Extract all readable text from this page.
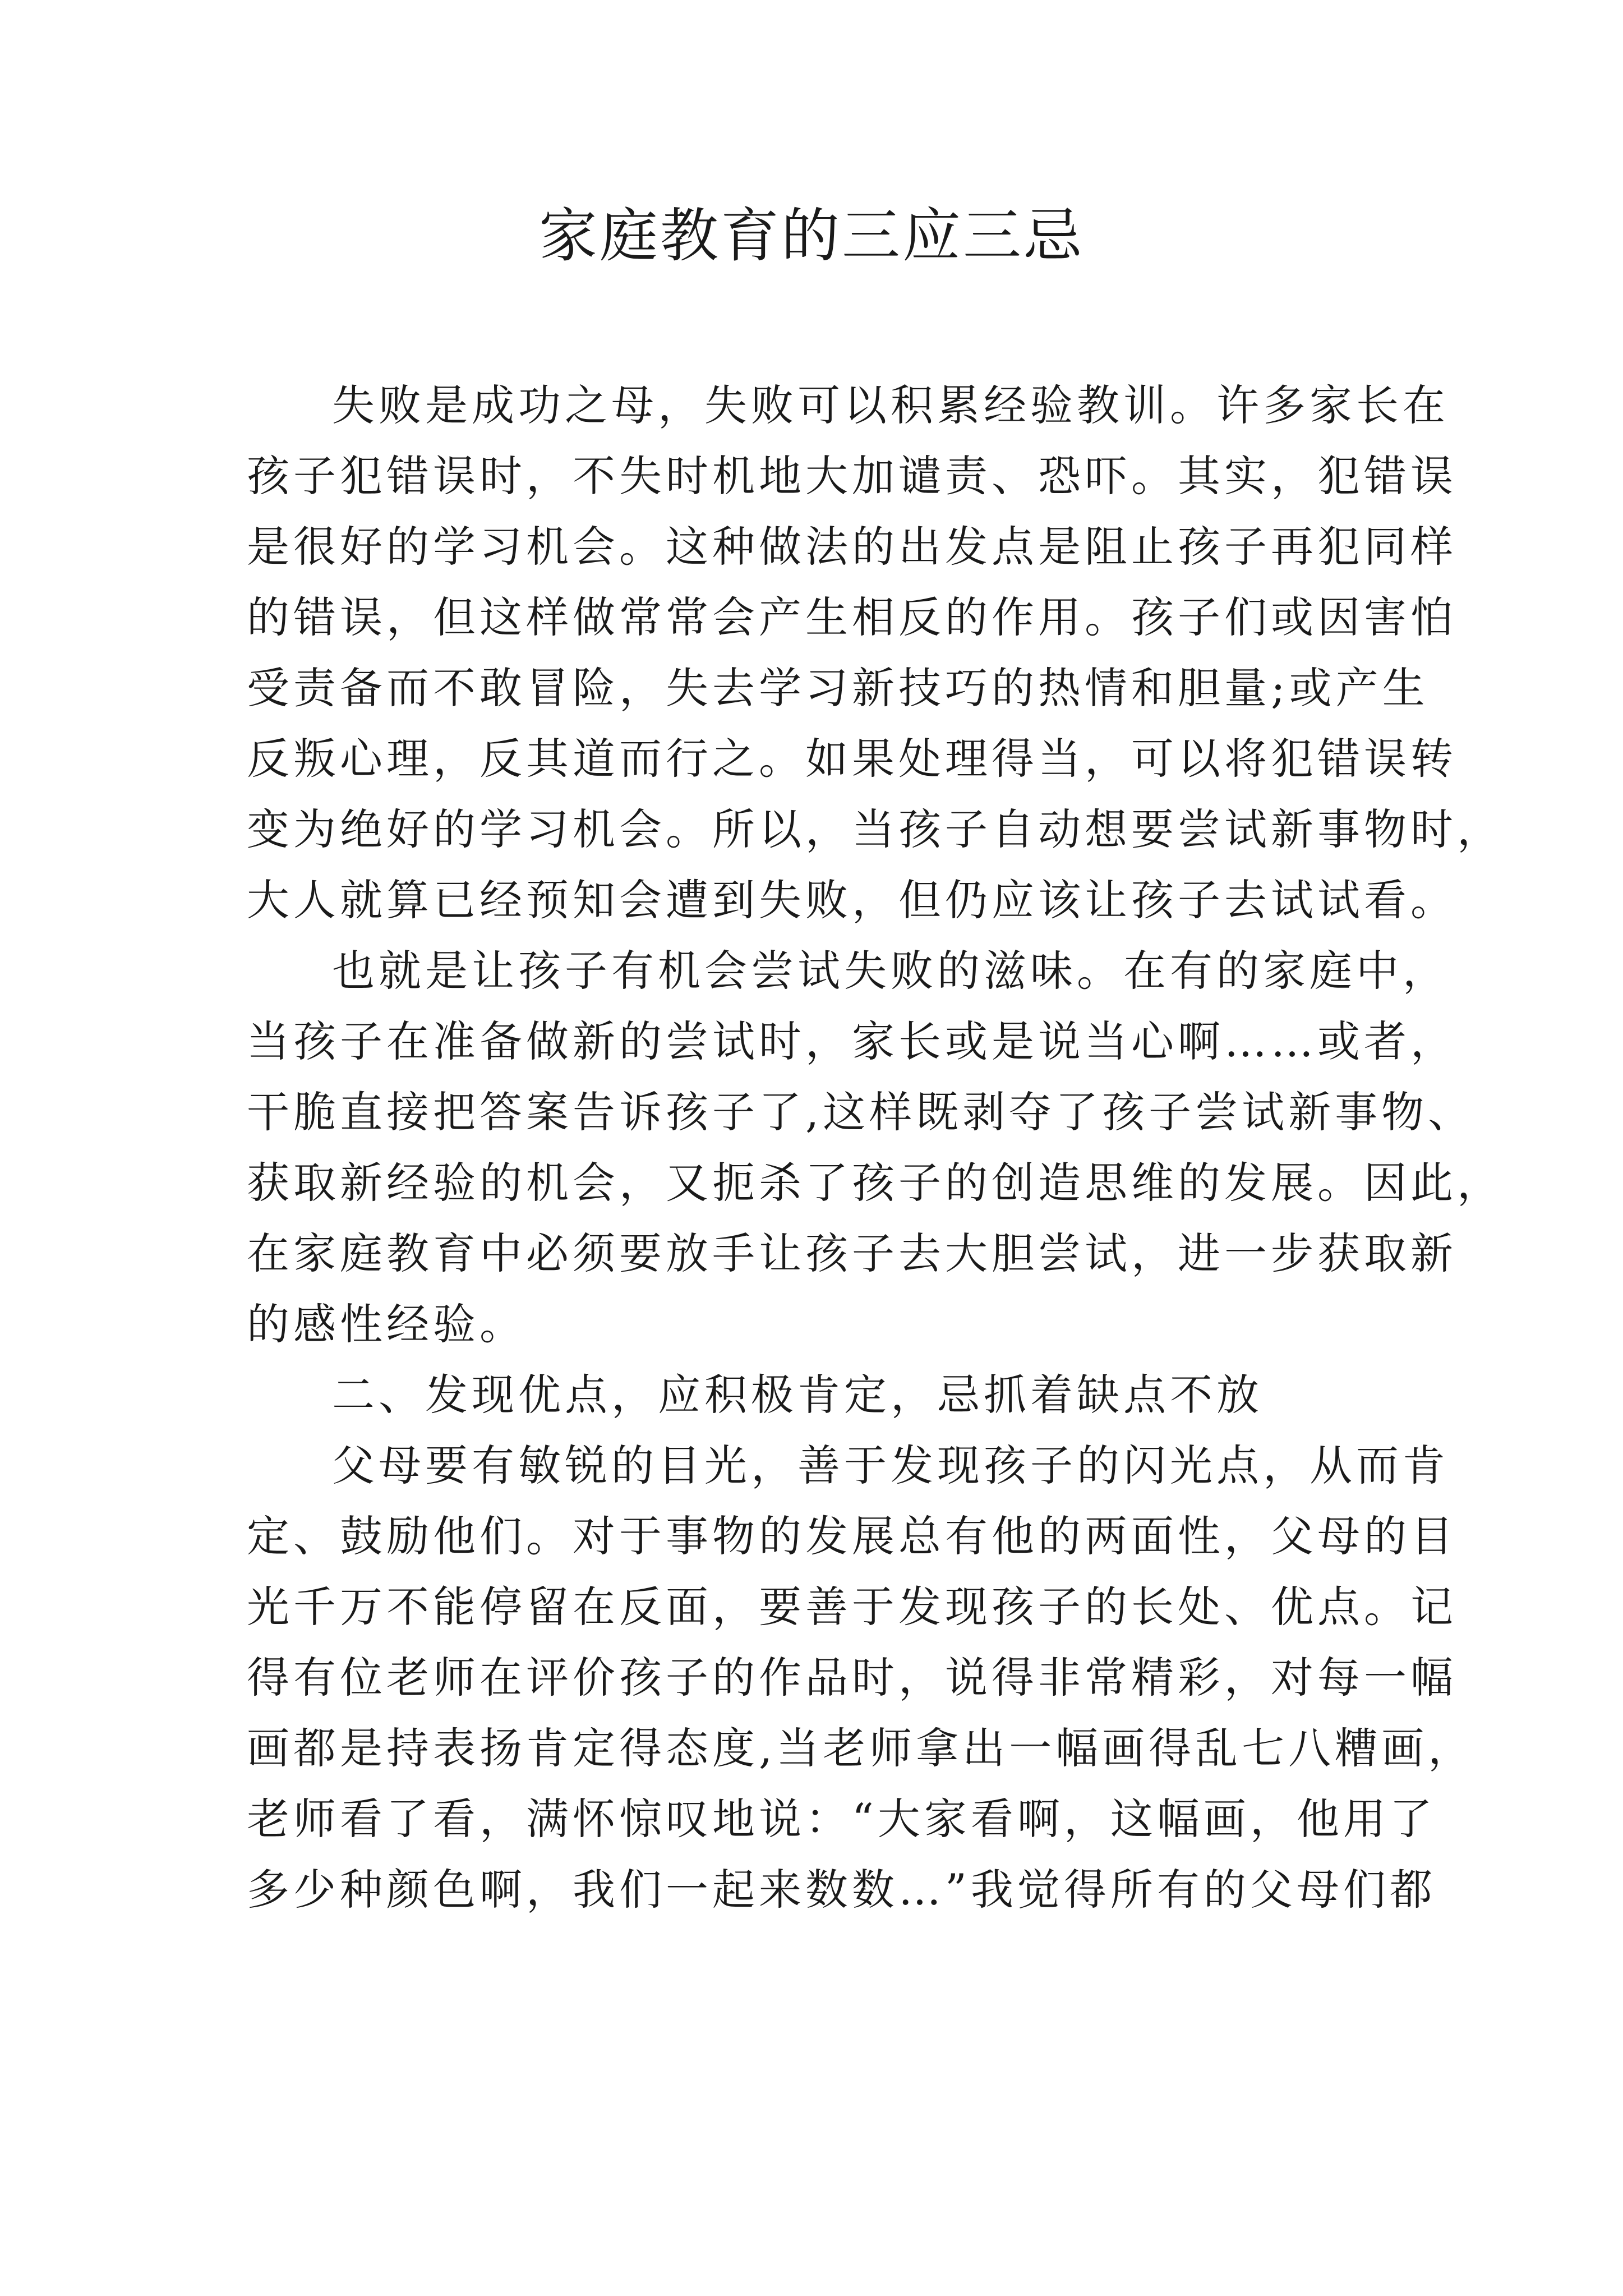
家庭教育的三应三忌

失败是成功之母，失败可以积累经验教训。许多家长在
孩子犯错误时，不失时机地大加谴责、恐吓。其实，犯错误
是很好的学习机会。这种做法的出发点是阻止孩子再犯同样
的错误，但这样做常常会产生相反的作用。孩子们或因害怕
受责备而不敢冒险，失去学习新技巧的热情和胆量;或产生
反叛心理，反其道而行之。如果处理得当，可以将犯错误转
变为绝好的学习机会。所以，当孩子自动想要尝试新事物时，
大人就算已经预知会遭到失败，但仍应该让孩子去试试看。

也就是让孩子有机会尝试失败的滋味。在有的家庭中，
当孩子在准备做新的尝试时，家长或是说当心啊……或者，
干脆直接把答案告诉孩子了,这样既剥夺了孩子尝试新事物、
获取新经验的机会，又扼杀了孩子的创造思维的发展。因此，
在家庭教育中必须要放手让孩子去大胆尝试，进一步获取新
的感性经验。

二、发现优点，应积极肯定，忌抓着缺点不放

父母要有敏锐的目光，善于发现孩子的闪光点，从而肯
定、鼓励他们。对于事物的发展总有他的两面性，父母的目
光千万不能停留在反面，要善于发现孩子的长处、优点。记
得有位老师在评价孩子的作品时，说得非常精彩，对每一幅
画都是持表扬肯定得态度,当老师拿出一幅画得乱七八糟画，
老师看了看，满怀惊叹地说：“大家看啊，这幅画，他用了
多少种颜色啊，我们一起来数数…”我觉得所有的父母们都
